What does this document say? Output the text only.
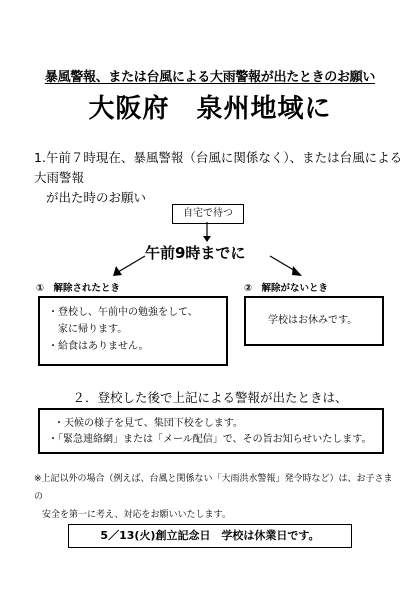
暴風警報、または台風による大雨警報が出たときのお願い
大阪府　泉州地域に
1.午前７時現在、暴風警報（台風に関係なく）、または台風による大雨警報
が出た時のお願い
自宅で待つ
午前9時までに
①　解除されたとき	②　解除がないとき
・登校し、午前中の勉強をして、
　家に帰ります。
・給食はありません。
学校はお休みです。
２．登校した後で上記による警報が出たときは、
・天候の様子を見て、集団下校をします。
・「緊急連絡網」または「メール配信」で、その旨お知らせいたします。
※上記以外の場合（例えば、台風と関係ない「大雨洪水警報」発令時など）は、お子さまの
安全を第一に考え、対応をお願いいたします。
5／13(火)創立記念日　学校は休業日です。
